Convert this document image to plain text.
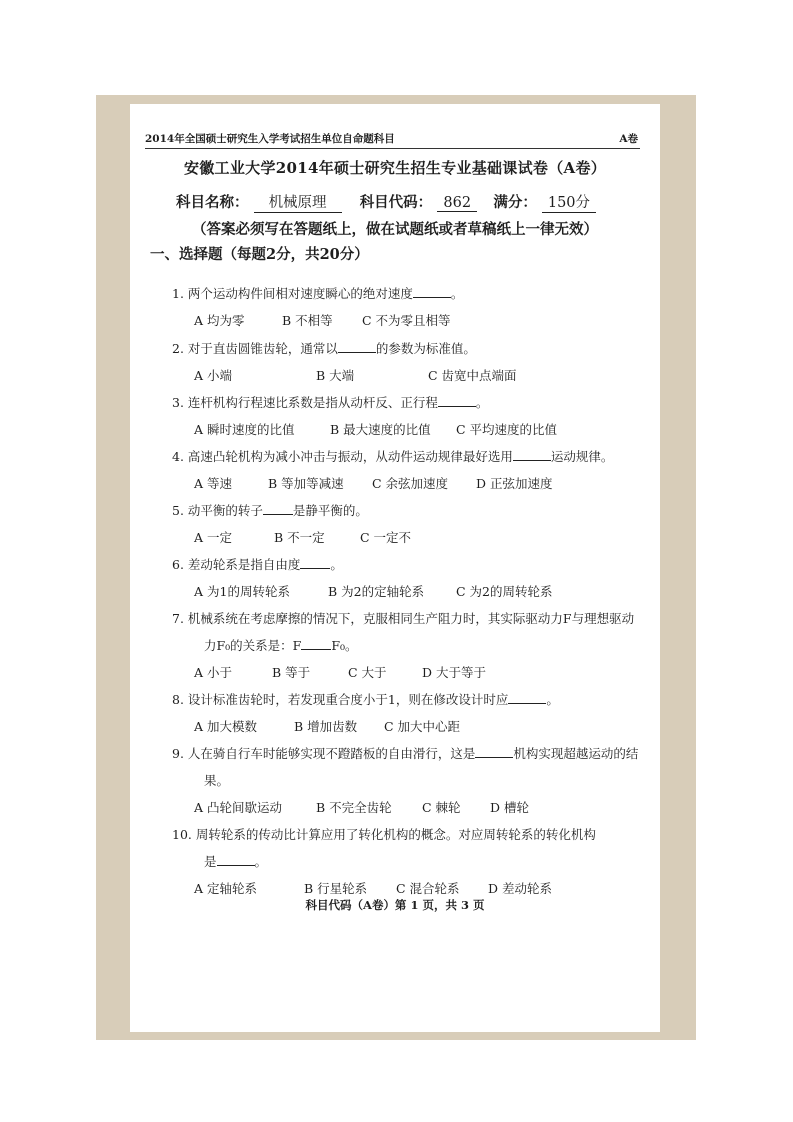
2014年全国硕士研究生入学考试招生单位自命题科目	A卷
安徽工业大学2014年硕士研究生招生专业基础课试卷（A卷）
科目名称： 机械原理 科目代码： 862 满分： 150分
（答案必须写在答题纸上，做在试题纸或者草稿纸上一律无效）
一、选择题（每题2分，共20分）
1. 两个运动构件间相对速度瞬心的绝对速度	。
A 均为零	B 不相等 C 不为零且相等
2. 对于直齿圆锥齿轮，通常以	的参数为标准值。
A 小端	B 大端	C 齿宽中点端面
3. 连杆机构行程速比系数是指从动杆反、正行程	。
A 瞬时速度的比值	B 最大速度的比值 C 平均速度的比值
4. 高速凸轮机构为减小冲击与振动，从动件运动规律最好选用	运动规律。
A 等速	B 等加等减速 C 余弦加速度 D 正弦加速度
5. 动平衡的转子 是静平衡的。
A 一定	B 不一定	C 一定不
6. 差动轮系是指自由度 。
A 为1的周转轮系	B 为2的定轴轮系	C 为2的周转轮系
7. 机械系统在考虑摩擦的情况下，克服相同生产阻力时，其实际驱动力F与理想驱动
力F₀的关系是：F F₀。
A 小于	B 等于	C 大于	D 大于等于
8. 设计标准齿轮时，若发现重合度小于1，则在修改设计时应	。
A 加大模数	B 增加齿数 C 加大中心距
9. 人在骑自行车时能够实现不蹬踏板的自由滑行，这是	机构实现超越运动的结
果。
A 凸轮间歇运动	B 不完全齿轮 C 棘轮 D 槽轮
10. 周转轮系的传动比计算应用了转化机构的概念。对应周转轮系的转化机构
是	。
A 定轴轮系	B 行星轮系 C 混合轮系 D 差动轮系
科目代码（A卷）第 1 页，共 3 页
